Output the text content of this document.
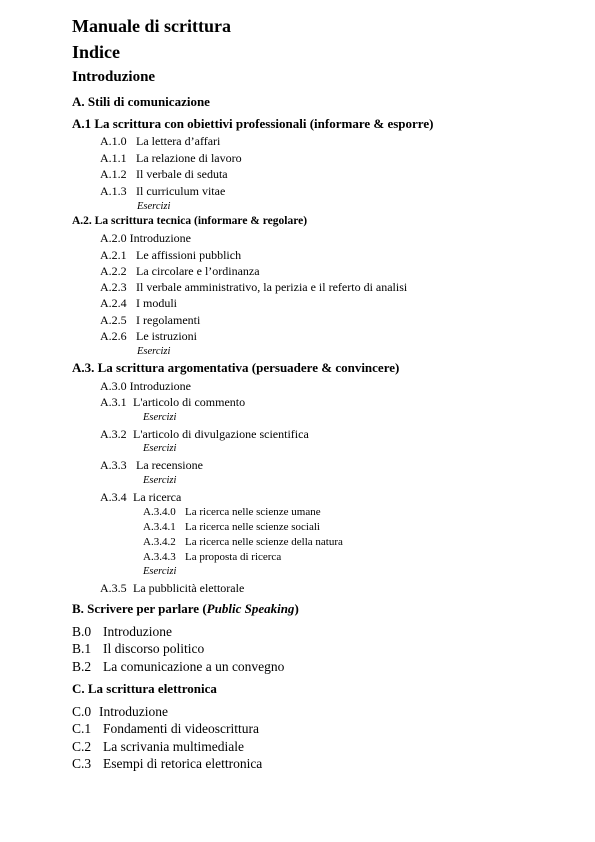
Manuale di scrittura
Indice
Introduzione
A. Stili di comunicazione
A.1 La scrittura con obiettivi professionali (informare & esporre)
A.1.0 La lettera d’affari
A.1.1 La relazione di lavoro
A.1.2 Il verbale di seduta
A.1.3 Il curriculum vitae
Esercizi
A.2. La scrittura tecnica (informare & regolare)
A.2.0 Introduzione
A.2.1 Le affissioni pubblich
A.2.2 La circolare e l’ordinanza
A.2.3 Il verbale amministrativo, la perizia e il referto di analisi
A.2.4 I moduli
A.2.5 I regolamenti
A.2.6 Le istruzioni
Esercizi
A.3. La scrittura argomentativa (persuadere & convincere)
A.3.0 Introduzione
A.3.1 L'articolo di commento
Esercizi
A.3.2 L'articolo di divulgazione scientifica
Esercizi
A.3.3 La recensione
Esercizi
A.3.4 La ricerca
A.3.4.0 La ricerca nelle scienze umane
A.3.4.1 La ricerca nelle scienze sociali
A.3.4.2 La ricerca nelle scienze della natura
A.3.4.3 La proposta di ricerca
Esercizi
A.3.5 La pubblicità elettorale
B. Scrivere per parlare (Public Speaking)
B.0 Introduzione
B.1 Il discorso politico
B.2 La comunicazione a un convegno
C. La scrittura elettronica
C.0 Introduzione
C.1 Fondamenti di videoscrittura
C.2 La scrivania multimediale
C.3 Esempi di retorica elettronica
